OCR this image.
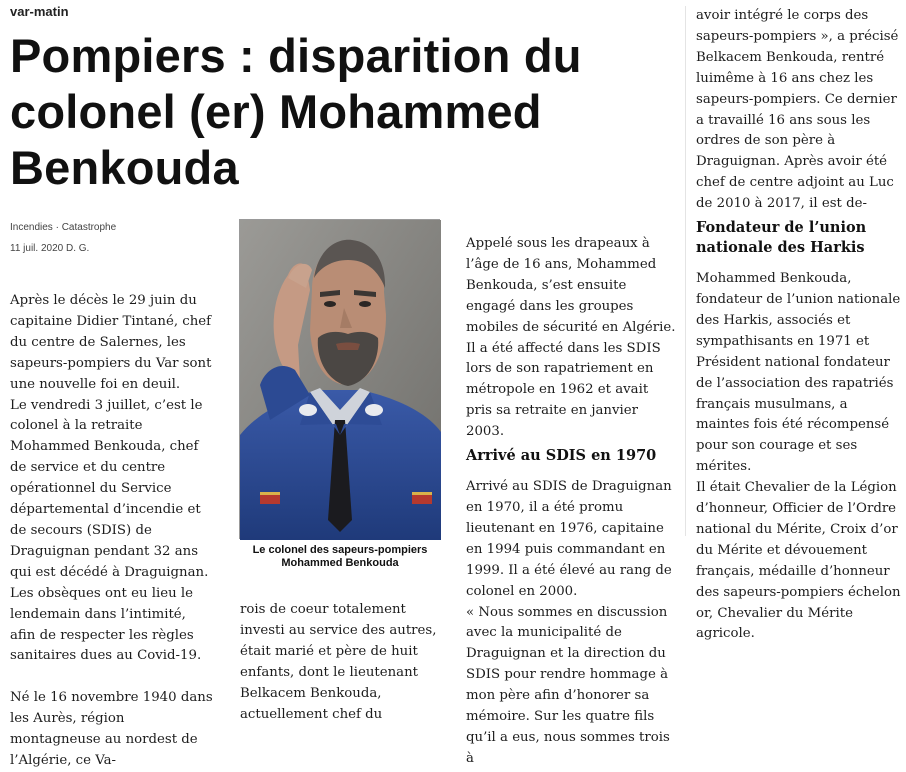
var-matin
Pompiers : disparition du colonel (er) Mohammed Benkouda
Incendies · Catastrophe
11 juil. 2020 D. G.

Après le décès le 29 juin du capitaine Didier Tintané, chef du centre de Salernes, les sapeurs-pompiers du Var sont une nouvelle foi en deuil.

Le vendredi 3 juillet, c’est le colonel à la retraite Mohammed Benkouda, chef de service et du centre opérationnel du Service départemental d’incendie et de secours (SDIS) de Draguignan pendant 32 ans qui est décédé à Draguignan.

Les obsèques ont eu lieu le lendemain dans l’intimité, afin de respecter les règles sanitaires dues au Covid-19.

Né le 16 novembre 1940 dans les Aurès, région montagneuse au nordest de l’Algérie, ce Va-

Le colonel des sapeurs-pompiers
Mohammed Benkouda

rois de coeur totalement investi au service des autres, était marié et père de huit enfants, dont le lieutenant Belkacem Benkouda, actuellement chef du

Appelé sous les drapeaux à l’âge de 16 ans, Mohammed Benkouda, s’est ensuite engagé dans les groupes mobiles de sécurité en Algérie. Il a été affecté dans les SDIS lors de son rapatriement en métropole en 1962 et avait pris sa retraite en janvier 2003.

Arrivé au SDIS en 1970

Arrivé au SDIS de Draguignan en 1970, il a été promu lieutenant en 1976, capitaine en 1994 puis commandant en 1999. Il a été élevé au rang de colonel en 2000.

« Nous sommes en discussion avec la municipalité de Draguignan et la direction du SDIS pour rendre hommage à mon père afin d’honorer sa mémoire. Sur les quatre fils qu’il a eus, nous sommes trois à

avoir intégré le corps des sapeurs-pompiers », a précisé Belkacem Benkouda, rentré luimême à 16 ans chez les sapeurs-pompiers. Ce dernier a travaillé 16 ans sous les ordres de son père à Draguignan. Après avoir été chef de centre adjoint au Luc de 2010 à 2017, il est de-

Fondateur de l’union nationale des Harkis

Mohammed Benkouda, fondateur de l’union nationale des Harkis, associés et sympathisants en 1971 et Président national fondateur de l’association des rapatriés français musulmans, a maintes fois été récompensé pour son courage et ses mérites.

Il était Chevalier de la Légion d’honneur, Officier de l’Ordre national du Mérite, Croix d’or du Mérite et dévouement français, médaille d’honneur des sapeurs-pompiers échelon or, Chevalier du Mérite agricole.
